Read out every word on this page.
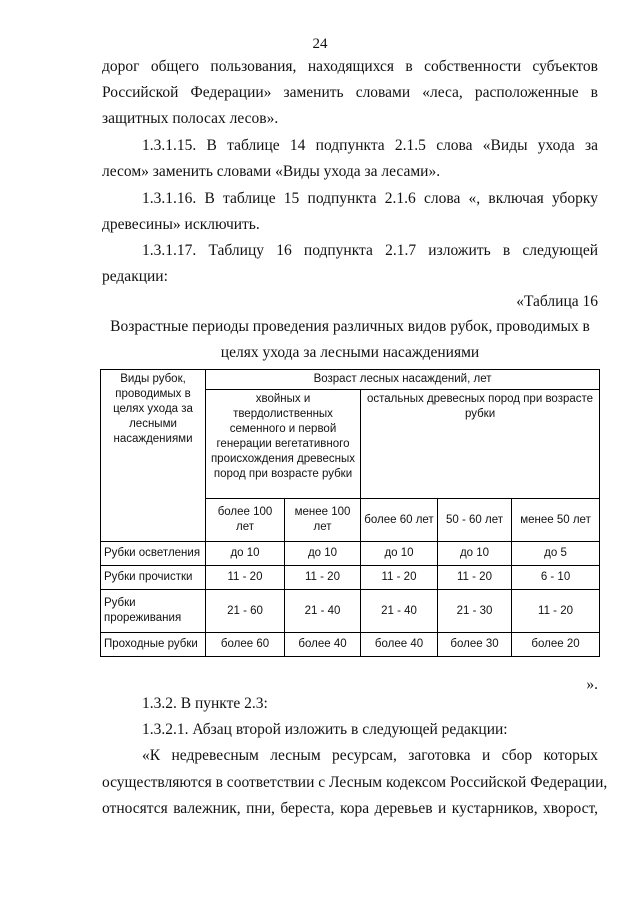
24
дорог общего пользования, находящихся в собственности субъектов
Российской Федерации» заменить словами «леса, расположенные в
защитных полосах лесов».
1.3.1.15. В таблице 14 подпункта 2.1.5 слова «Виды ухода за
лесом» заменить словами «Виды ухода за лесами».
1.3.1.16. В таблице 15 подпункта 2.1.6 слова «, включая уборку
древесины» исключить.
1.3.1.17. Таблицу 16 подпункта 2.1.7 изложить в следующей
редакции:
«Таблица 16
Возрастные периоды проведения различных видов рубок, проводимых в
целях ухода за лесными насаждениями
Виды рубок, проводимых в целях ухода за лесными насаждениями	Возраст лесных насаждений, лет				
	хвойных и твердолиственных семенного и первой генерации вегетативного происхождения древесных пород при возрасте рубки		остальных древесных пород при возрасте рубки		
	более 100 лет	менее 100 лет	более 60 лет	50 - 60 лет	менее 50 лет
Рубки осветления	до 10	до 10	до 10	до 10	до 5
Рубки прочистки	11 - 20	11 - 20	11 - 20	11 - 20	6 - 10
Рубки прореживания	21 - 60	21 - 40	21 - 40	21 - 30	11 - 20
Проходные рубки	более 60	более 40	более 40	более 30	более 20
».
1.3.2. В пункте 2.3:
1.3.2.1. Абзац второй изложить в следующей редакции:
«К недревесным лесным ресурсам, заготовка и сбор которых
осуществляются в соответствии с Лесным кодексом Российской Федерации,
относятся валежник, пни, береста, кора деревьев и кустарников, хворост,
